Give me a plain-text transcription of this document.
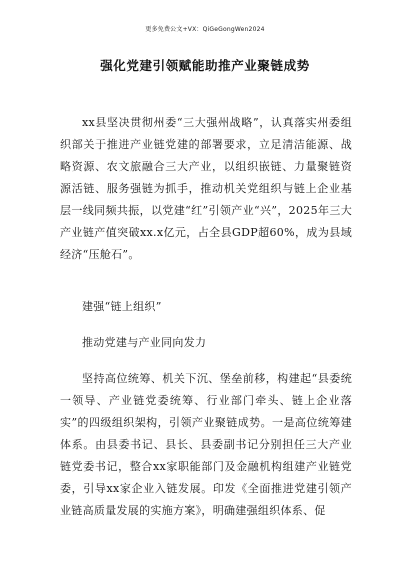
更多免费公文+VX：QiGeGongWen2024
强化党建引领赋能助推产业聚链成势

xx县坚决贯彻州委“三大强州战略”，认真落实州委组织部关于推进产业链党建的部署要求，立足清洁能源、战略资源、农文旅融合三大产业，以组织嵌链、力量聚链资源活链、服务强链为抓手，推动机关党组织与链上企业基层一线同频共振，以党建“红”引领产业“兴”，2025年三大产业链产值突破xx.x亿元，占全县GDP超60%，成为县域经济“压舱石”。

建强“链上组织”

推动党建与产业同向发力

坚持高位统筹、机关下沉、堡垒前移，构建起“县委统一领导、产业链党委统筹、行业部门牵头、链上企业落实”的四级组织架构，引领产业聚链成势。一是高位统筹建体系。由县委书记、县长、县委副书记分别担任三大产业链党委书记，整合xx家职能部门及金融机构组建产业链党委，引导xx家企业入链发展。印发《全面推进党建引领产业链高质量发展的实施方案》，明确建强组织体系、促
